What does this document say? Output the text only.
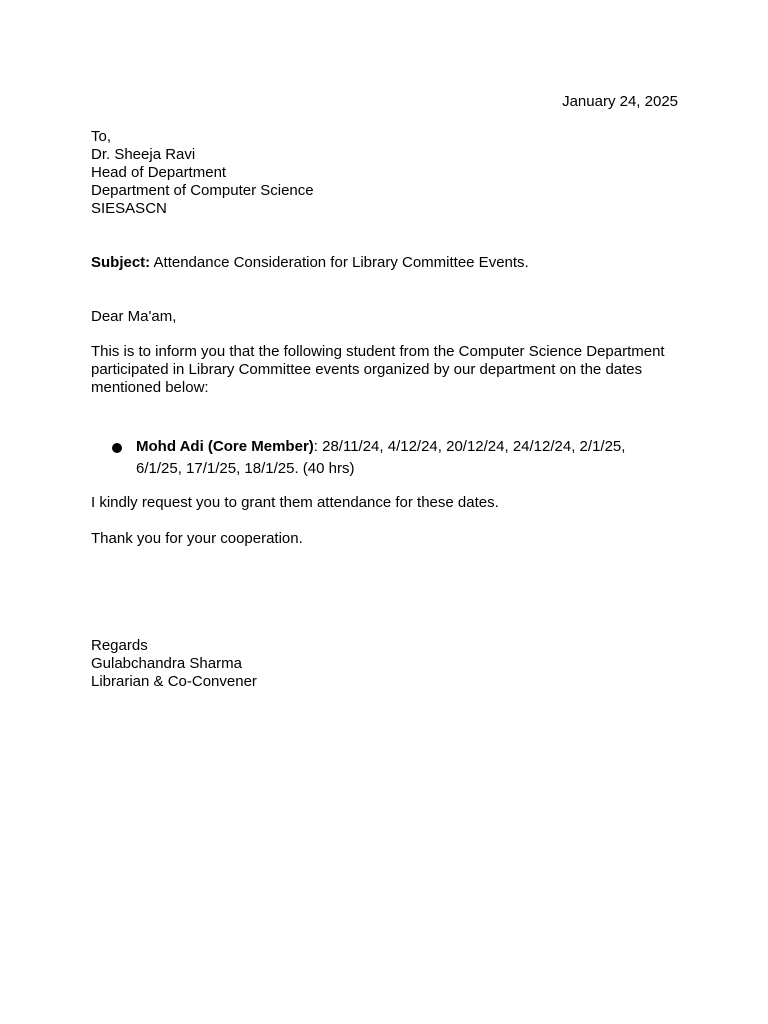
January 24, 2025
To,
Dr. Sheeja Ravi
Head of Department
Department of Computer Science
SIESASCN
Subject: Attendance Consideration for Library Committee Events.
Dear Ma'am,
This is to inform you that the following student from the Computer Science Department participated in Library Committee events organized by our department on the dates mentioned below:
Mohd Adi (Core Member): 28/11/24, 4/12/24, 20/12/24, 24/12/24, 2/1/25, 6/1/25, 17/1/25, 18/1/25. (40 hrs)
I kindly request you to grant them attendance for these dates.
Thank you for your cooperation.
Regards
Gulabchandra Sharma
Librarian & Co-Convener
